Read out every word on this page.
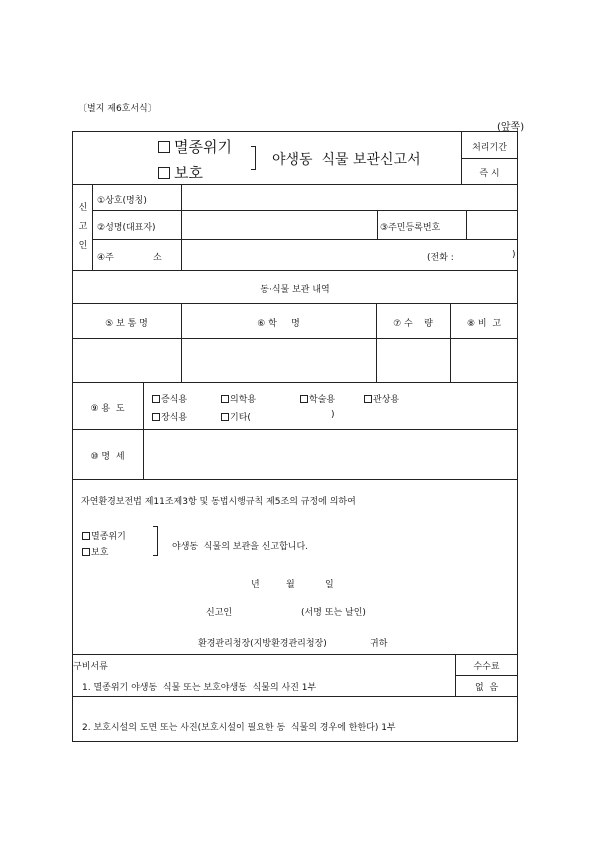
〔별지 제6호서식〕
(앞쪽)
멸종위기
보호
야생동  식물 보관신고서
처리기간
즉 시
신
고
인
①상호(명칭)
②성명(대표자)	③주민등록번호
④주	소	(전화 :	)
동·식물 보관 내역
⑤ 보 통 명	⑥ 학     명	⑦ 수    량	⑧ 비  고
⑨ 용  도
증식용	의학용	학술용	관상용
장식용	기타(	)
⑩ 명  세
자연환경보전법 제11조제3항 및 동법시행규칙 제5조의 규정에 의하여
멸종위기
보호
야생동  식물의 보관을 신고합니다.
년	월	일
신고인	(서명 또는 날인)
환경관리청장(지방환경관리청장)	귀하
구비서류	수수료
없  음
1. 멸종위기 야생동  식물 또는 보호야생동  식물의 사진 1부
2. 보호시설의 도면 또는 사진(보호시설이 필요한 동  식물의 경우에 한한다) 1부
